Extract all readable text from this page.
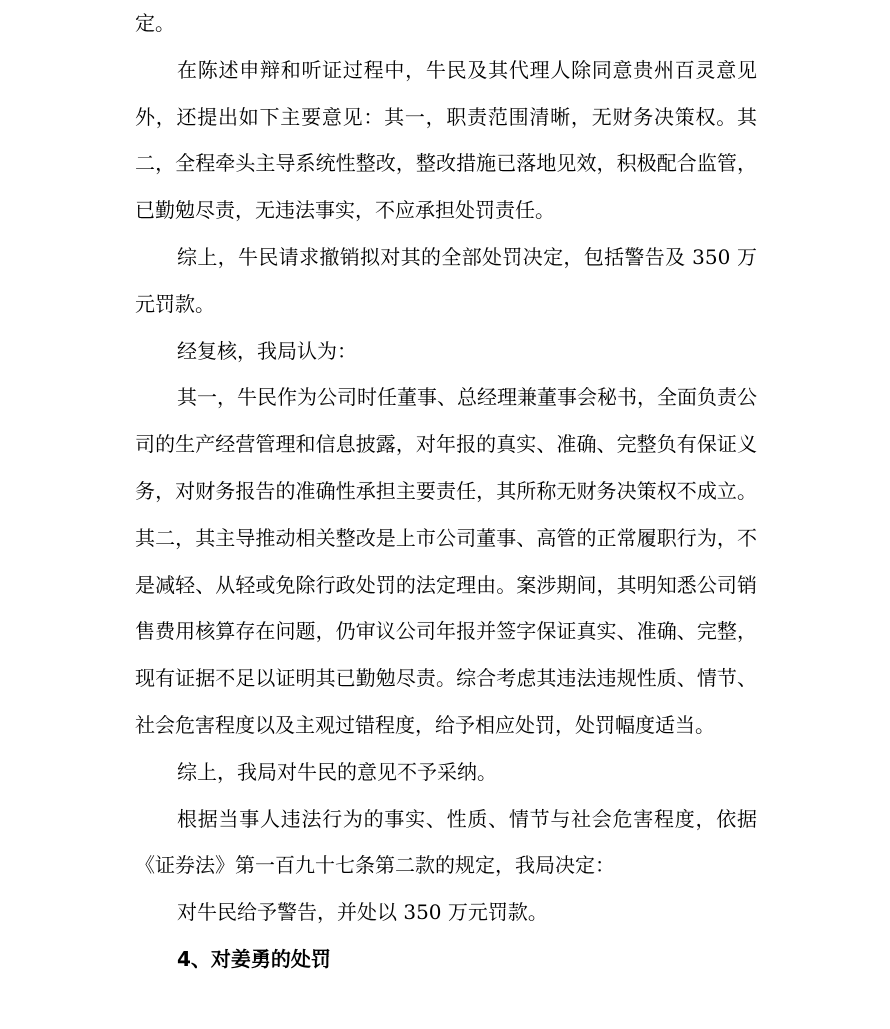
定。

在陈述申辩和听证过程中，牛民及其代理人除同意贵州百灵意见外，还提出如下主要意见：其一，职责范围清晰，无财务决策权。其二，全程牵头主导系统性整改，整改措施已落地见效，积极配合监管，已勤勉尽责，无违法事实，不应承担处罚责任。

综上，牛民请求撤销拟对其的全部处罚决定，包括警告及 350 万元罚款。

经复核，我局认为：

其一，牛民作为公司时任董事、总经理兼董事会秘书，全面负责公司的生产经营管理和信息披露，对年报的真实、准确、完整负有保证义务，对财务报告的准确性承担主要责任，其所称无财务决策权不成立。其二，其主导推动相关整改是上市公司董事、高管的正常履职行为，不是减轻、从轻或免除行政处罚的法定理由。案涉期间，其明知悉公司销售费用核算存在问题，仍审议公司年报并签字保证真实、准确、完整，现有证据不足以证明其已勤勉尽责。综合考虑其违法违规性质、情节、社会危害程度以及主观过错程度，给予相应处罚，处罚幅度适当。

综上，我局对牛民的意见不予采纳。

根据当事人违法行为的事实、性质、情节与社会危害程度，依据《证券法》第一百九十七条第二款的规定，我局决定：

对牛民给予警告，并处以 350 万元罚款。

4、对姜勇的处罚
